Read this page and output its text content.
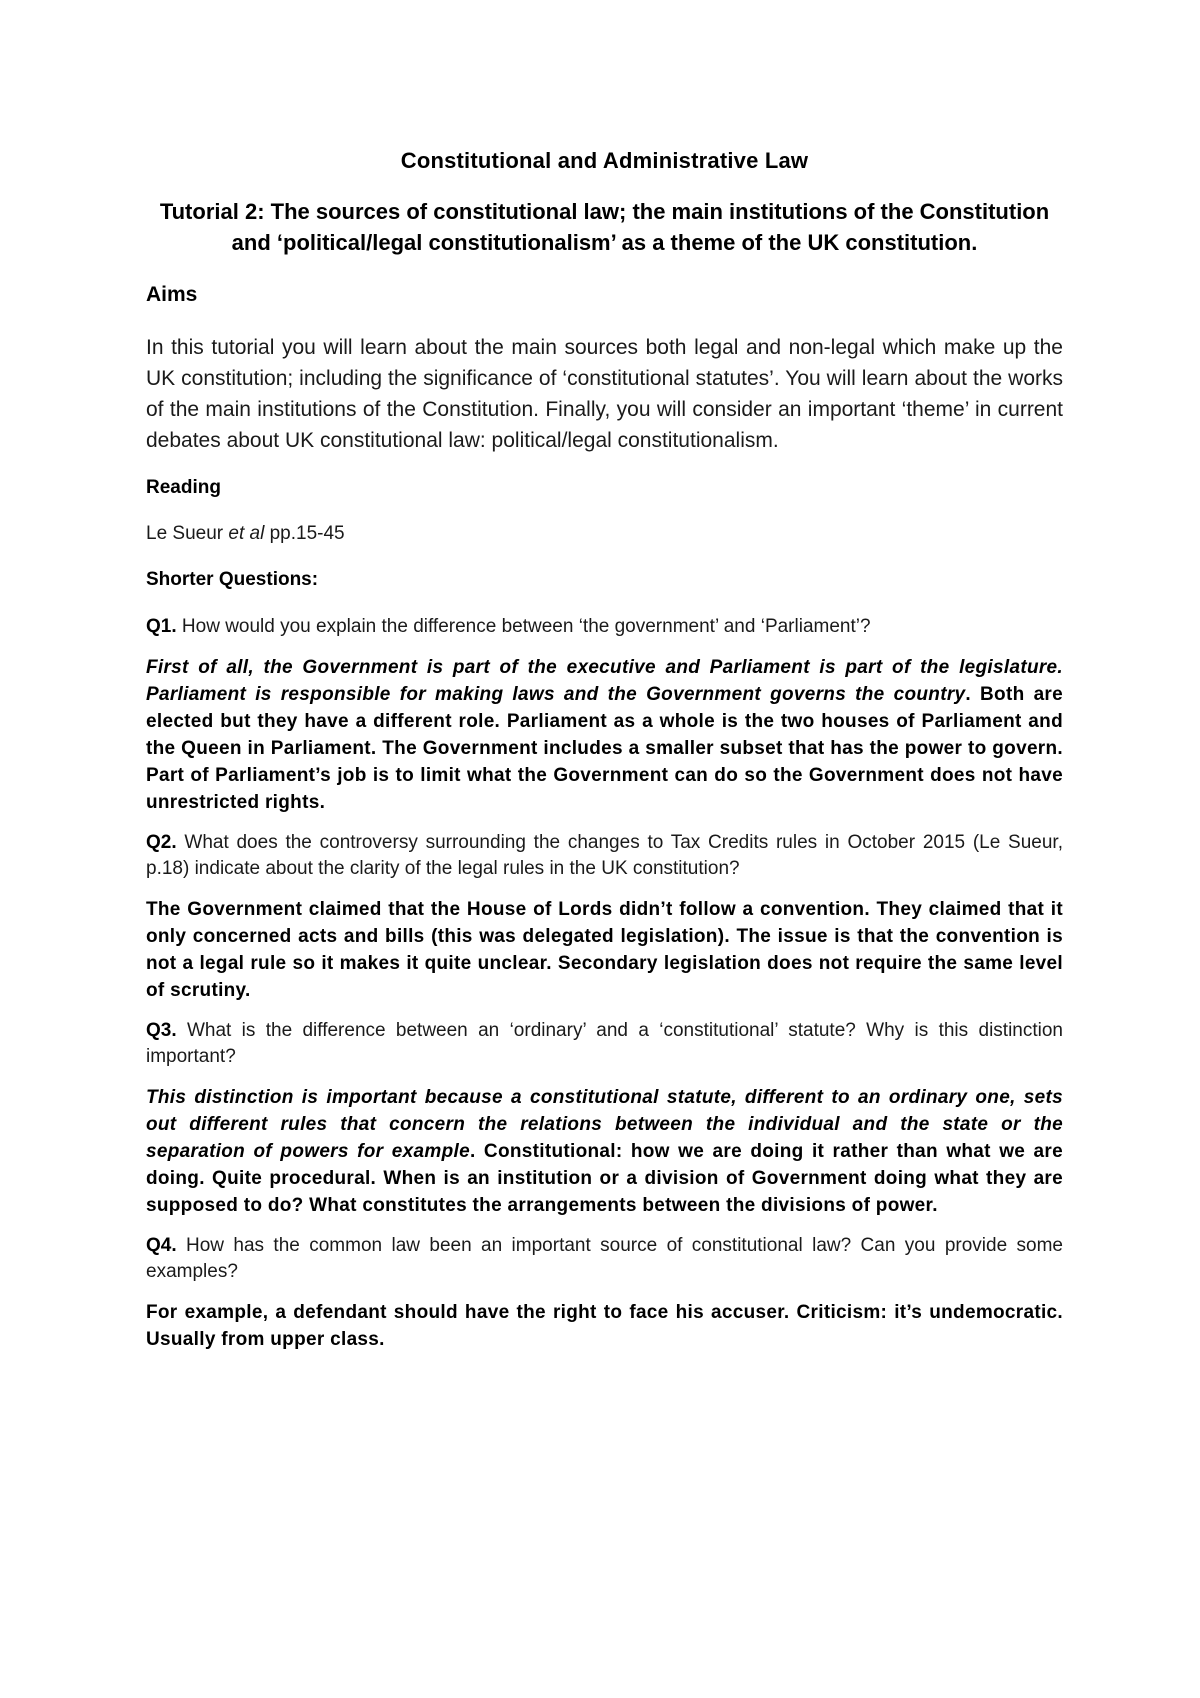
Constitutional and Administrative Law
Tutorial 2: The sources of constitutional law; the main institutions of the Constitution and ‘political/legal constitutionalism’ as a theme of the UK constitution.
Aims
In this tutorial you will learn about the main sources both legal and non-legal which make up the UK constitution; including the significance of ‘constitutional statutes’. You will learn about the works of the main institutions of the Constitution. Finally, you will consider an important ‘theme’ in current debates about UK constitutional law: political/legal constitutionalism.
Reading
Le Sueur et al pp.15-45
Shorter Questions:
Q1. How would you explain the difference between ‘the government’ and ‘Parliament’?
First of all, the Government is part of the executive and Parliament is part of the legislature. Parliament is responsible for making laws and the Government governs the country. Both are elected but they have a different role. Parliament as a whole is the two houses of Parliament and the Queen in Parliament. The Government includes a smaller subset that has the power to govern. Part of Parliament’s job is to limit what the Government can do so the Government does not have unrestricted rights.
Q2. What does the controversy surrounding the changes to Tax Credits rules in October 2015 (Le Sueur, p.18) indicate about the clarity of the legal rules in the UK constitution?
The Government claimed that the House of Lords didn’t follow a convention. They claimed that it only concerned acts and bills (this was delegated legislation). The issue is that the convention is not a legal rule so it makes it quite unclear. Secondary legislation does not require the same level of scrutiny.
Q3. What is the difference between an ‘ordinary’ and a ‘constitutional’ statute? Why is this distinction important?
This distinction is important because a constitutional statute, different to an ordinary one, sets out different rules that concern the relations between the individual and the state or the separation of powers for example. Constitutional: how we are doing it rather than what we are doing. Quite procedural. When is an institution or a division of Government doing what they are supposed to do? What constitutes the arrangements between the divisions of power.
Q4. How has the common law been an important source of constitutional law? Can you provide some examples?
For example, a defendant should have the right to face his accuser. Criticism: it’s undemocratic. Usually from upper class.
